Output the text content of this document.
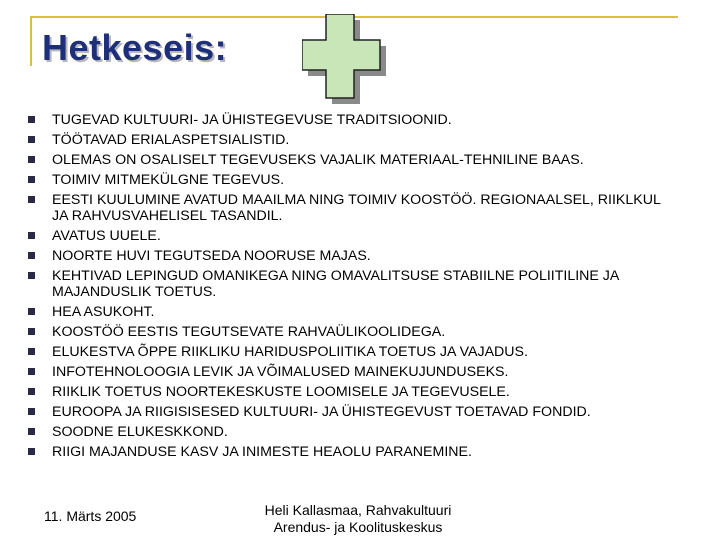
Hetkeseis:
TUGEVAD KULTUURI- JA ÜHISTEGEVUSE TRADITSIOONID.
TÖÖTAVAD ERIALASPETSIALISTID.
OLEMAS ON OSALISELT TEGEVUSEKS VAJALIK MATERIAAL-TEHNILINE BAAS.
TOIMIV MITMEKÜLGNE TEGEVUS.
EESTI KUULUMINE AVATUD MAAILMA NING TOIMIV KOOSTÖÖ. REGIONAALSEL, RIIKLKUL JA RAHVUSVAHELISEL TASANDIL.
AVATUS UUELE.
NOORTE HUVI TEGUTSEDA NOORUSE MAJAS.
KEHTIVAD LEPINGUD OMANIKEGA NING OMAVALITSUSE STABIILNE POLIITILINE JA MAJANDUSLIK TOETUS.
HEA ASUKOHT.
KOOSTÖÖ EESTIS TEGUTSEVATE RAHVAÜLIKOOLIDEGA.
ELUKESTVA ÕPPE RIIKLIKU HARIDUSPOLIITIKA TOETUS JA VAJADUS.
INFOTEHNOLOOGIA LEVIK JA VÕIMALUSED MAINEKUJUNDUSEKS.
RIIKLIK TOETUS NOORTEKESKUSTE LOOMISELE JA TEGEVUSELE.
EUROOPA JA RIIGISISESED KULTUURI- JA ÜHISTEGEVUST TOETAVAD FONDID.
SOODNE ELUKESKKOND.
RIIGI MAJANDUSE KASV JA INIMESTE HEAOLU PARANEMINE.
11. Märts 2005	Heli Kallasmaa, Rahvakultuuri
Arendus- ja Koolituskeskus
